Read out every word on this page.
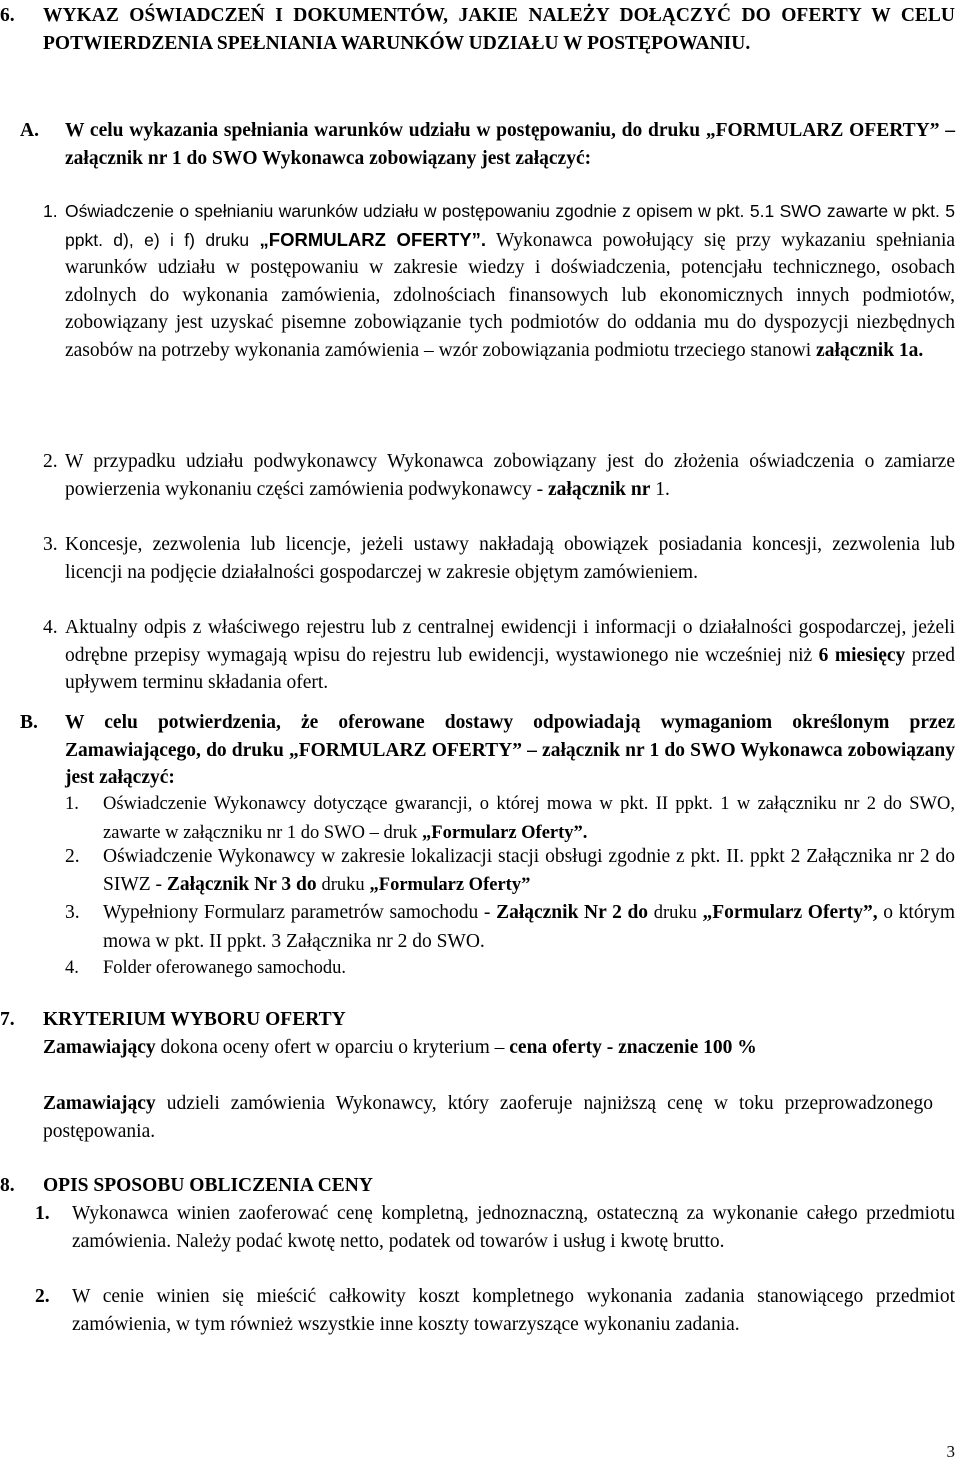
6. WYKAZ OŚWIADCZEŃ I DOKUMENTÓW, JAKIE NALEŻY DOŁĄCZYĆ DO OFERTY W CELU POTWIERDZENIA SPEŁNIANIA WARUNKÓW UDZIAŁU W POSTĘPOWANIU.
A. W celu wykazania spełniania warunków udziału w postępowaniu, do druku „FORMULARZ OFERTY” – załącznik nr 1 do SWO Wykonawca zobowiązany jest załączyć:
1. Oświadczenie o spełnianiu warunków udziału w postępowaniu zgodnie z opisem w pkt. 5.1 SWO zawarte w pkt. 5 ppkt. d), e) i f) druku „FORMULARZ OFERTY”. Wykonawca powołujący się przy wykazaniu spełniania warunków udziału w postępowaniu w zakresie wiedzy i doświadczenia, potencjału technicznego, osobach zdolnych do wykonania zamówienia, zdolnościach finansowych lub ekonomicznych innych podmiotów, zobowiązany jest uzyskać pisemne zobowiązanie tych podmiotów do oddania mu do dyspozycji niezbędnych zasobów na potrzeby wykonania zamówienia – wzór zobowiązania podmiotu trzeciego stanowi załącznik 1a.
2. W przypadku udziału podwykonawcy Wykonawca zobowiązany jest do złożenia oświadczenia o zamiarze powierzenia wykonaniu części zamówienia podwykonawcy - załącznik nr 1.
3. Koncesje, zezwolenia lub licencje, jeżeli ustawy nakładają obowiązek posiadania koncesji, zezwolenia lub licencji na podjęcie działalności gospodarczej w zakresie objętym zamówieniem.
4. Aktualny odpis z właściwego rejestru lub z centralnej ewidencji i informacji o działalności gospodarczej, jeżeli odrębne przepisy wymagają wpisu do rejestru lub ewidencji, wystawionego nie wcześniej niż 6 miesięcy przed upływem terminu składania ofert.
B. W celu potwierdzenia, że oferowane dostawy odpowiadają wymaganiom określonym przez Zamawiającego, do druku „FORMULARZ OFERTY” – załącznik nr 1 do SWO Wykonawca zobowiązany jest załączyć:
1. Oświadczenie Wykonawcy dotyczące gwarancji, o której mowa w pkt. II ppkt. 1 w załączniku nr 2 do SWO, zawarte w załączniku nr 1 do SWO – druk „Formularz Oferty”.
2. Oświadczenie Wykonawcy w zakresie lokalizacji stacji obsługi zgodnie z pkt. II. ppkt 2 Załącznika nr 2 do SIWZ - Załącznik Nr 3 do druku „Formularz Oferty”
3. Wypełniony Formularz parametrów samochodu - Załącznik Nr 2 do druku „Formularz Oferty”, o którym mowa w pkt. II ppkt. 3 Załącznika nr 2 do SWO.
4. Folder oferowanego samochodu.
7. KRYTERIUM WYBORU OFERTY
Zamawiający dokona oceny ofert w oparciu o kryterium – cena oferty - znaczenie 100 %
Zamawiający udzieli zamówienia Wykonawcy, który zaoferuje najniższą cenę w toku przeprowadzonego postępowania.
8. OPIS SPOSOBU OBLICZENIA CENY
1. Wykonawca winien zaoferować cenę kompletną, jednoznaczną, ostateczną za wykonanie całego przedmiotu zamówienia. Należy podać kwotę netto, podatek od towarów i usług i kwotę brutto.
2. W cenie winien się mieścić całkowity koszt kompletnego wykonania zadania stanowiącego przedmiot zamówienia, w tym również wszystkie inne koszty towarzyszące wykonaniu zadania.
3
